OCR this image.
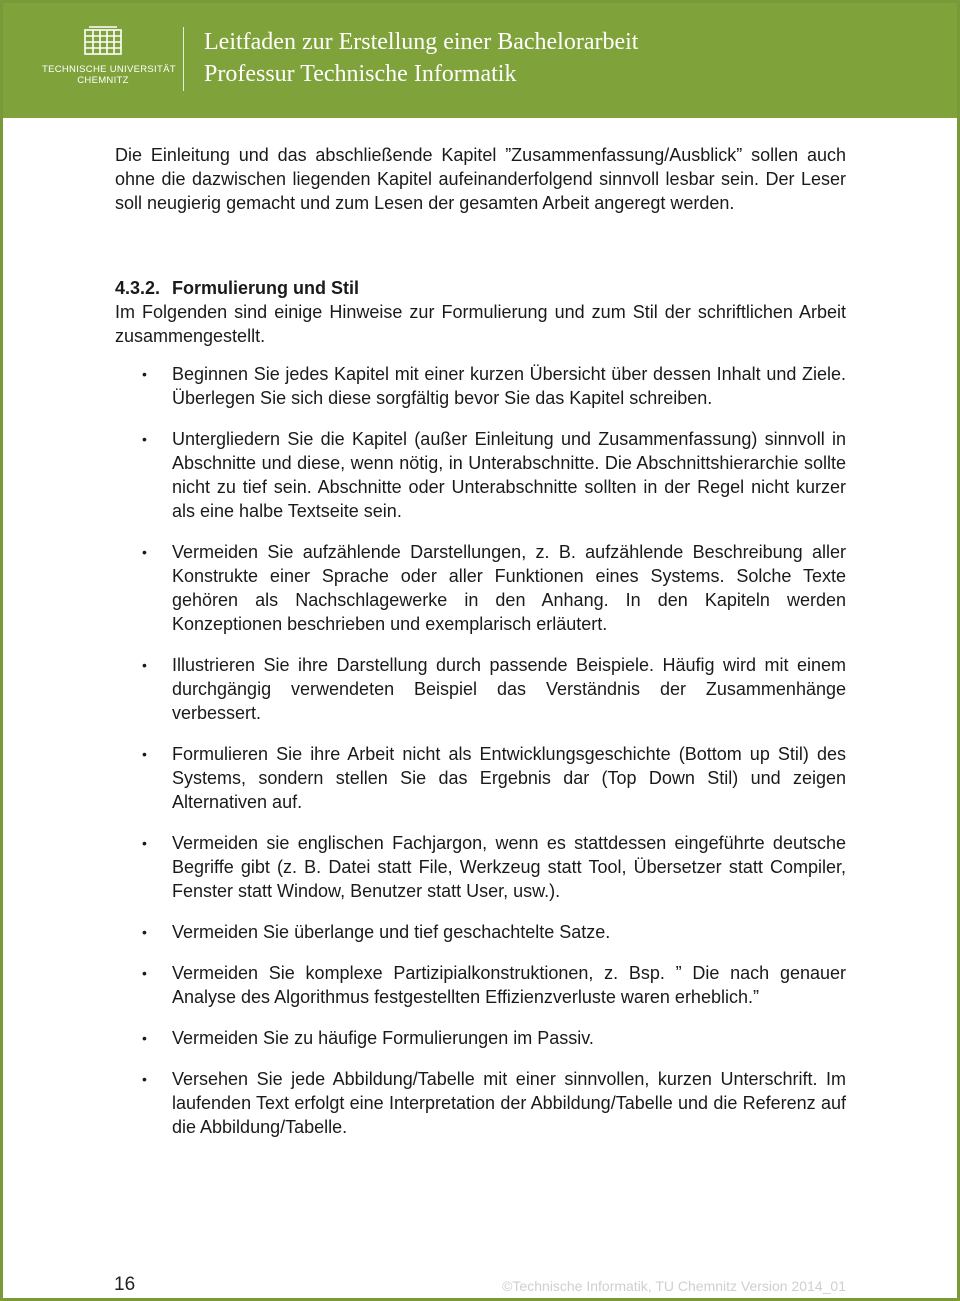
TECHNISCHE UNIVERSITÄT
CHEMNITZ
Leitfaden zur Erstellung einer Bachelorarbeit
Professur Technische Informatik

Die Einleitung und das abschließende Kapitel ”Zusammenfassung/Ausblick” sollen auch ohne die dazwischen liegenden Kapitel aufeinanderfolgend sinnvoll lesbar sein. Der Leser soll neugierig gemacht und zum Lesen der gesamten Arbeit angeregt werden.

4.3.2. Formulierung und Stil

Im Folgenden sind einige Hinweise zur Formulierung und zum Stil der schriftlichen Arbeit zusammengestellt.

• Beginnen Sie jedes Kapitel mit einer kurzen Übersicht über dessen Inhalt und Ziele. Überlegen Sie sich diese sorgfältig bevor Sie das Kapitel schreiben.
• Untergliedern Sie die Kapitel (außer Einleitung und Zusammenfassung) sinnvoll in Abschnitte und diese, wenn nötig, in Unterabschnitte. Die Abschnittshierarchie sollte nicht zu tief sein. Abschnitte oder Unterabschnitte sollten in der Regel nicht kurzer als eine halbe Textseite sein.
• Vermeiden Sie aufzählende Darstellungen, z. B. aufzählende Beschreibung aller Konstrukte einer Sprache oder aller Funktionen eines Systems. Solche Texte gehören als Nachschlagewerke in den Anhang. In den Kapiteln werden Konzeptionen beschrieben und exemplarisch erläutert.
• Illustrieren Sie ihre Darstellung durch passende Beispiele. Häufig wird mit einem durchgängig verwendeten Beispiel das Verständnis der Zusammenhänge verbessert.
• Formulieren Sie ihre Arbeit nicht als Entwicklungsgeschichte (Bottom up Stil) des Systems, sondern stellen Sie das Ergebnis dar (Top Down Stil) und zeigen Alternativen auf.
• Vermeiden sie englischen Fachjargon, wenn es stattdessen eingeführte deutsche Begriffe gibt (z. B. Datei statt File, Werkzeug statt Tool, Übersetzer statt Compiler, Fenster statt Window, Benutzer statt User, usw.).
• Vermeiden Sie überlange und tief geschachtelte Satze.
• Vermeiden Sie komplexe Partizipialkonstruktionen, z. Bsp. ” Die nach genauer Analyse des Algorithmus festgestellten Effizienzverluste waren erheblich.”
• Vermeiden Sie zu häufige Formulierungen im Passiv.
• Versehen Sie jede Abbildung/Tabelle mit einer sinnvollen, kurzen Unterschrift. Im laufenden Text erfolgt eine Interpretation der Abbildung/Tabelle und die Referenz auf die Abbildung/Tabelle.
16	©Technische Informatik, TU Chemnitz Version 2014_01
